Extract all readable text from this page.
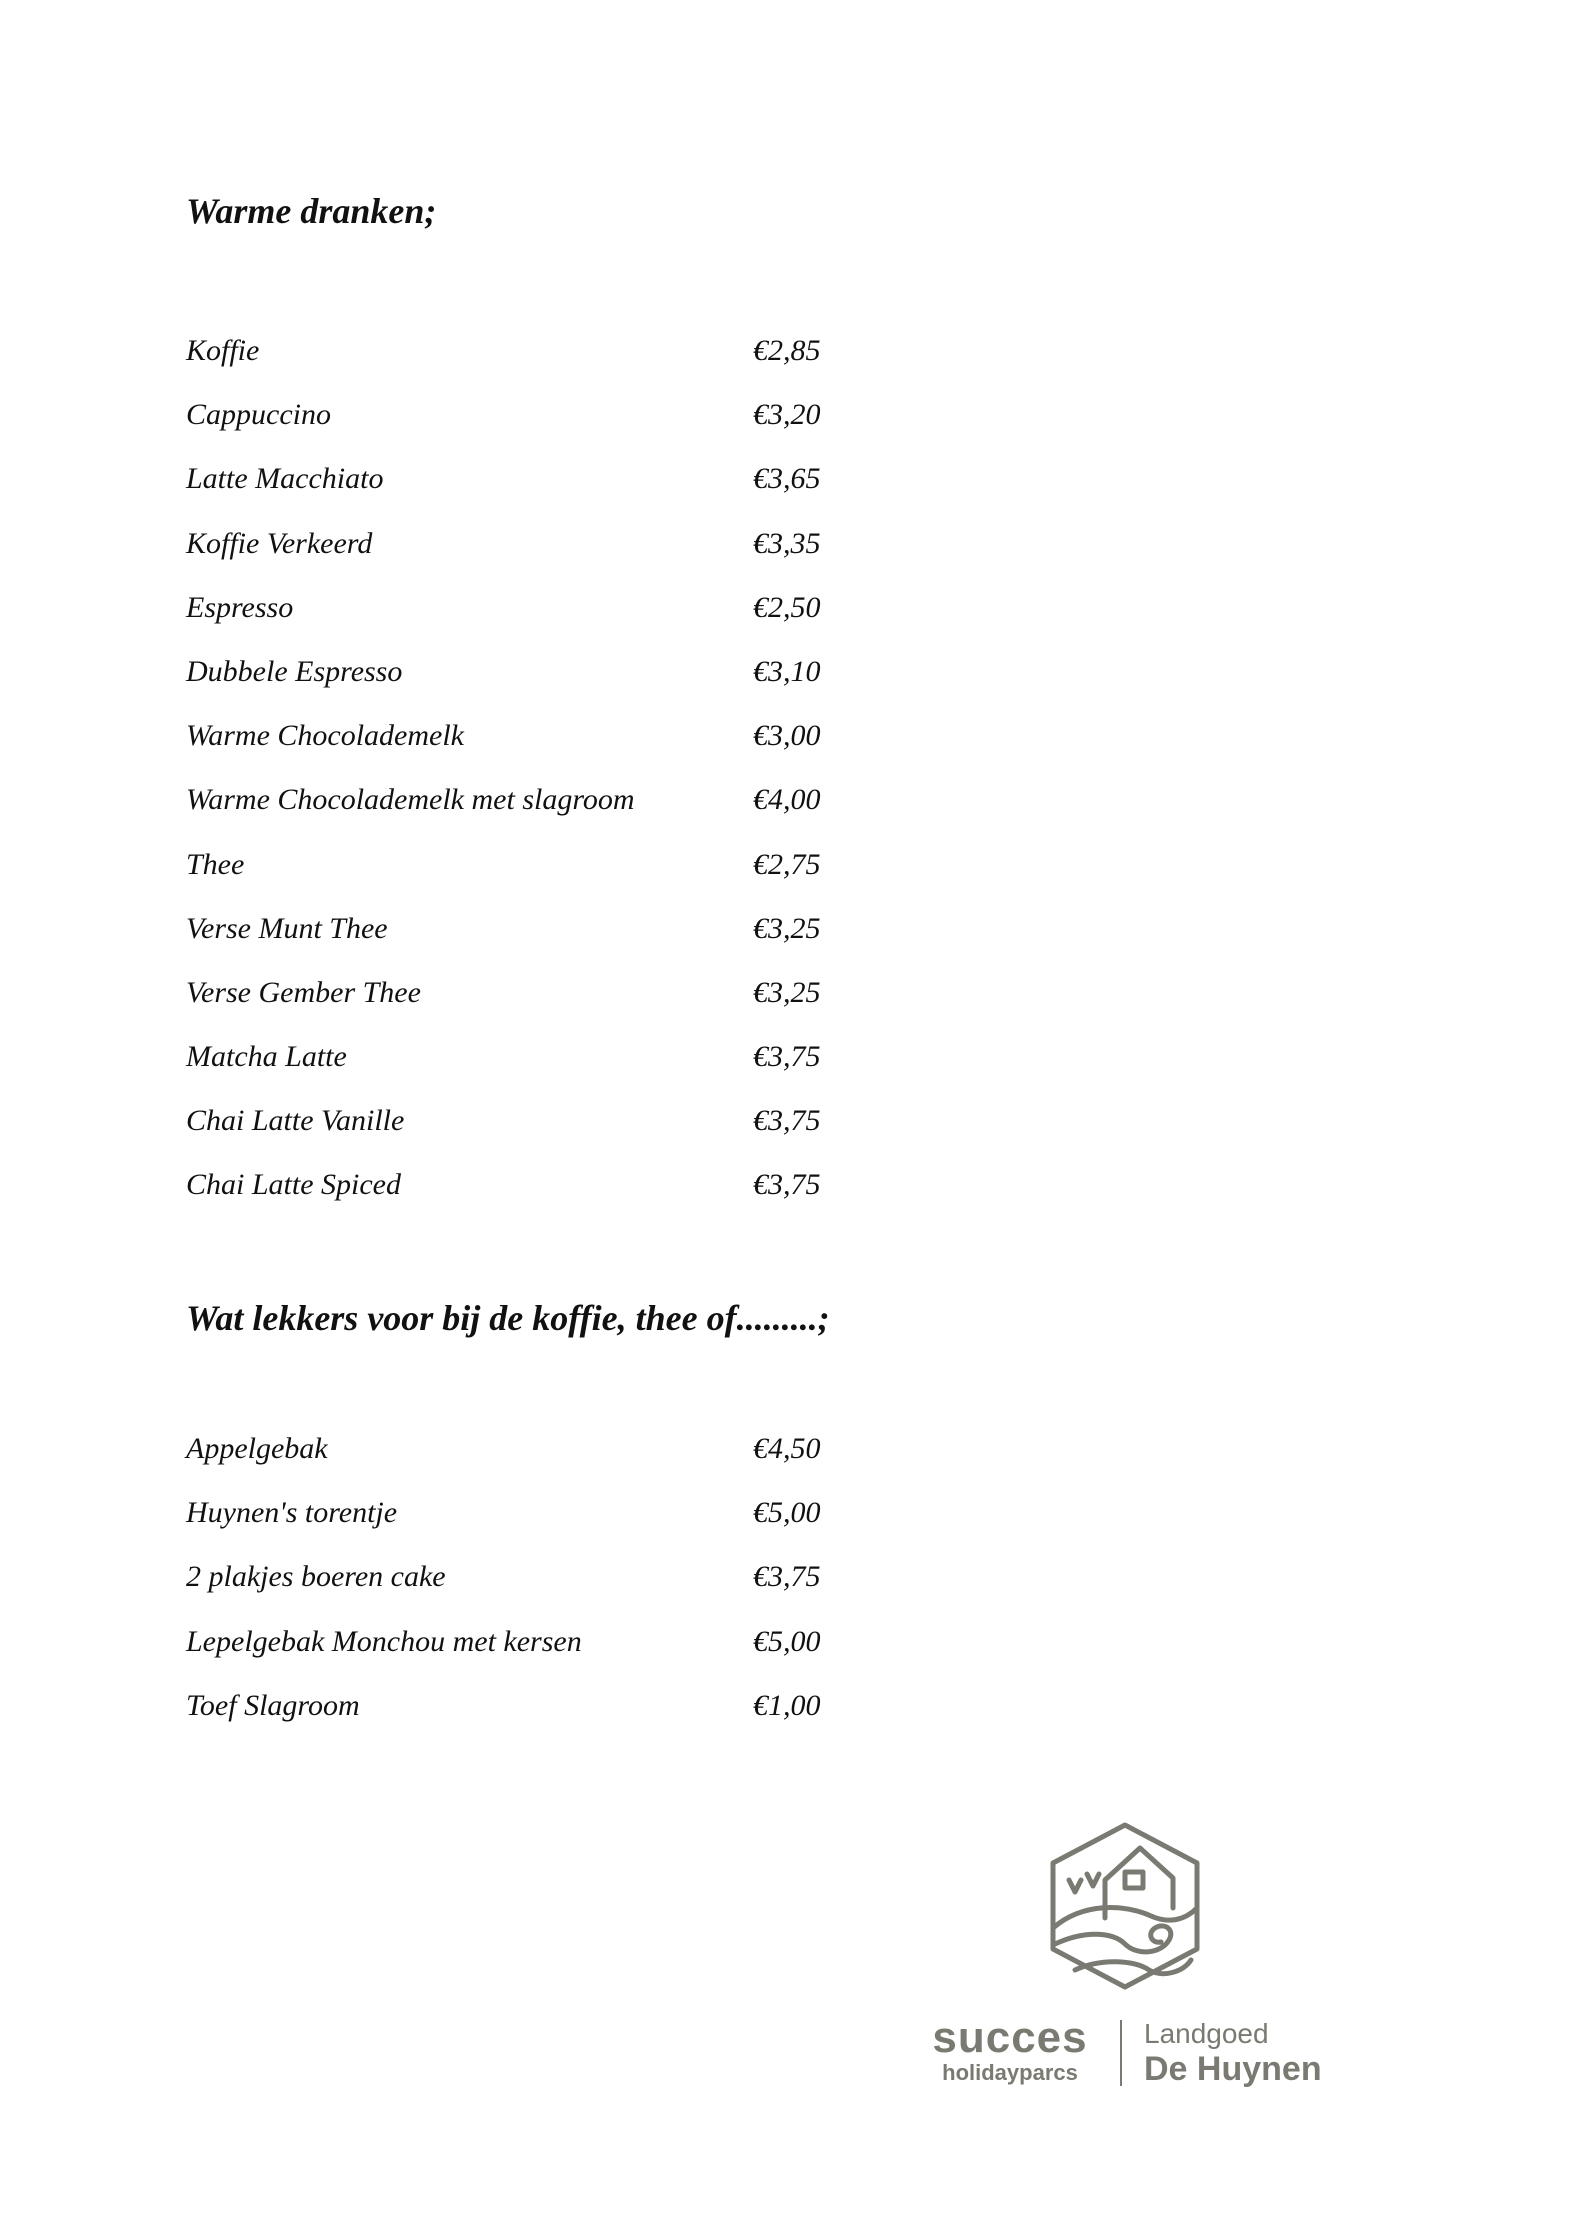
Warme dranken;
Koffie	€2,85
Cappuccino	€3,20
Latte Macchiato	€3,65
Koffie Verkeerd	€3,35
Espresso	€2,50
Dubbele Espresso	€3,10
Warme Chocolademelk	€3,00
Warme Chocolademelk met slagroom	€4,00
Thee	€2,75
Verse Munt Thee	€3,25
Verse Gember Thee	€3,25
Matcha Latte	€3,75
Chai Latte Vanille	€3,75
Chai Latte Spiced	€3,75
Wat lekkers voor bij de koffie, thee of.........;
Appelgebak	€4,50
Huynen's torentje	€5,00
2 plakjes boeren cake	€3,75
Lepelgebak Monchou met kersen	€5,00
Toef Slagroom	€1,00
succes
holidayparcs
Landgoed
De Huynen
